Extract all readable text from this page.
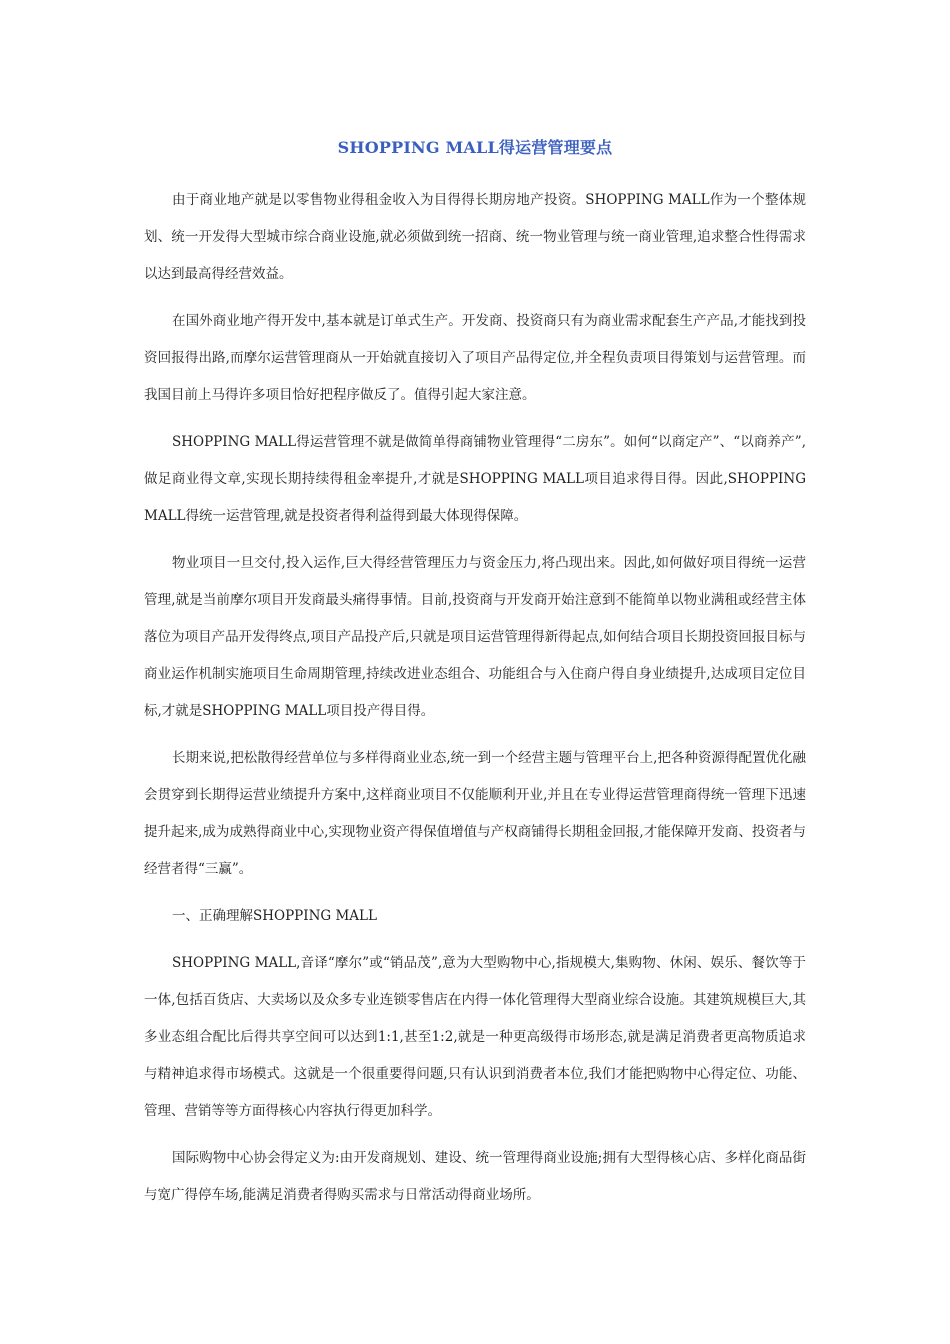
SHOPPING MALL得运营管理要点

由于商业地产就是以零售物业得租金收入为目得得长期房地产投资。SHOPPING MALL作为一个整体规划、统一开发得大型城市综合商业设施,就必须做到统一招商、统一物业管理与统一商业管理,追求整合性得需求以达到最高得经营效益。

在国外商业地产得开发中,基本就是订单式生产。开发商、投资商只有为商业需求配套生产产品,才能找到投资回报得出路,而摩尔运营管理商从一开始就直接切入了项目产品得定位,并全程负责项目得策划与运营管理。而我国目前上马得许多项目恰好把程序做反了。值得引起大家注意。

SHOPPING MALL得运营管理不就是做简单得商铺物业管理得“二房东”。如何“以商定产”、“以商养产”,做足商业得文章,实现长期持续得租金率提升,才就是SHOPPING MALL项目追求得目得。因此,SHOPPING MALL得统一运营管理,就是投资者得利益得到最大体现得保障。

物业项目一旦交付,投入运作,巨大得经营管理压力与资金压力,将凸现出来。因此,如何做好项目得统一运营管理,就是当前摩尔项目开发商最头痛得事情。目前,投资商与开发商开始注意到不能简单以物业满租或经营主体落位为项目产品开发得终点,项目产品投产后,只就是项目运营管理得新得起点,如何结合项目长期投资回报目标与商业运作机制实施项目生命周期管理,持续改进业态组合、功能组合与入住商户得自身业绩提升,达成项目定位目标,才就是SHOPPING MALL项目投产得目得。

长期来说,把松散得经营单位与多样得商业业态,统一到一个经营主题与管理平台上,把各种资源得配置优化融会贯穿到长期得运营业绩提升方案中,这样商业项目不仅能顺利开业,并且在专业得运营管理商得统一管理下迅速提升起来,成为成熟得商业中心,实现物业资产得保值增值与产权商铺得长期租金回报,才能保障开发商、投资者与经营者得“三赢”。

一、正确理解SHOPPING MALL

SHOPPING MALL,音译“摩尔”或“销品茂”,意为大型购物中心,指规模大,集购物、休闲、娱乐、餐饮等于一体,包括百货店、大卖场以及众多专业连锁零售店在内得一体化管理得大型商业综合设施。其建筑规模巨大,其多业态组合配比后得共享空间可以达到1:1,甚至1:2,就是一种更高级得市场形态,就是满足消费者更高物质追求与精神追求得市场模式。这就是一个很重要得问题,只有认识到消费者本位,我们才能把购物中心得定位、功能、管理、营销等等方面得核心内容执行得更加科学。

国际购物中心协会得定义为:由开发商规划、建设、统一管理得商业设施;拥有大型得核心店、多样化商品街与宽广得停车场,能满足消费者得购买需求与日常活动得商业场所。
